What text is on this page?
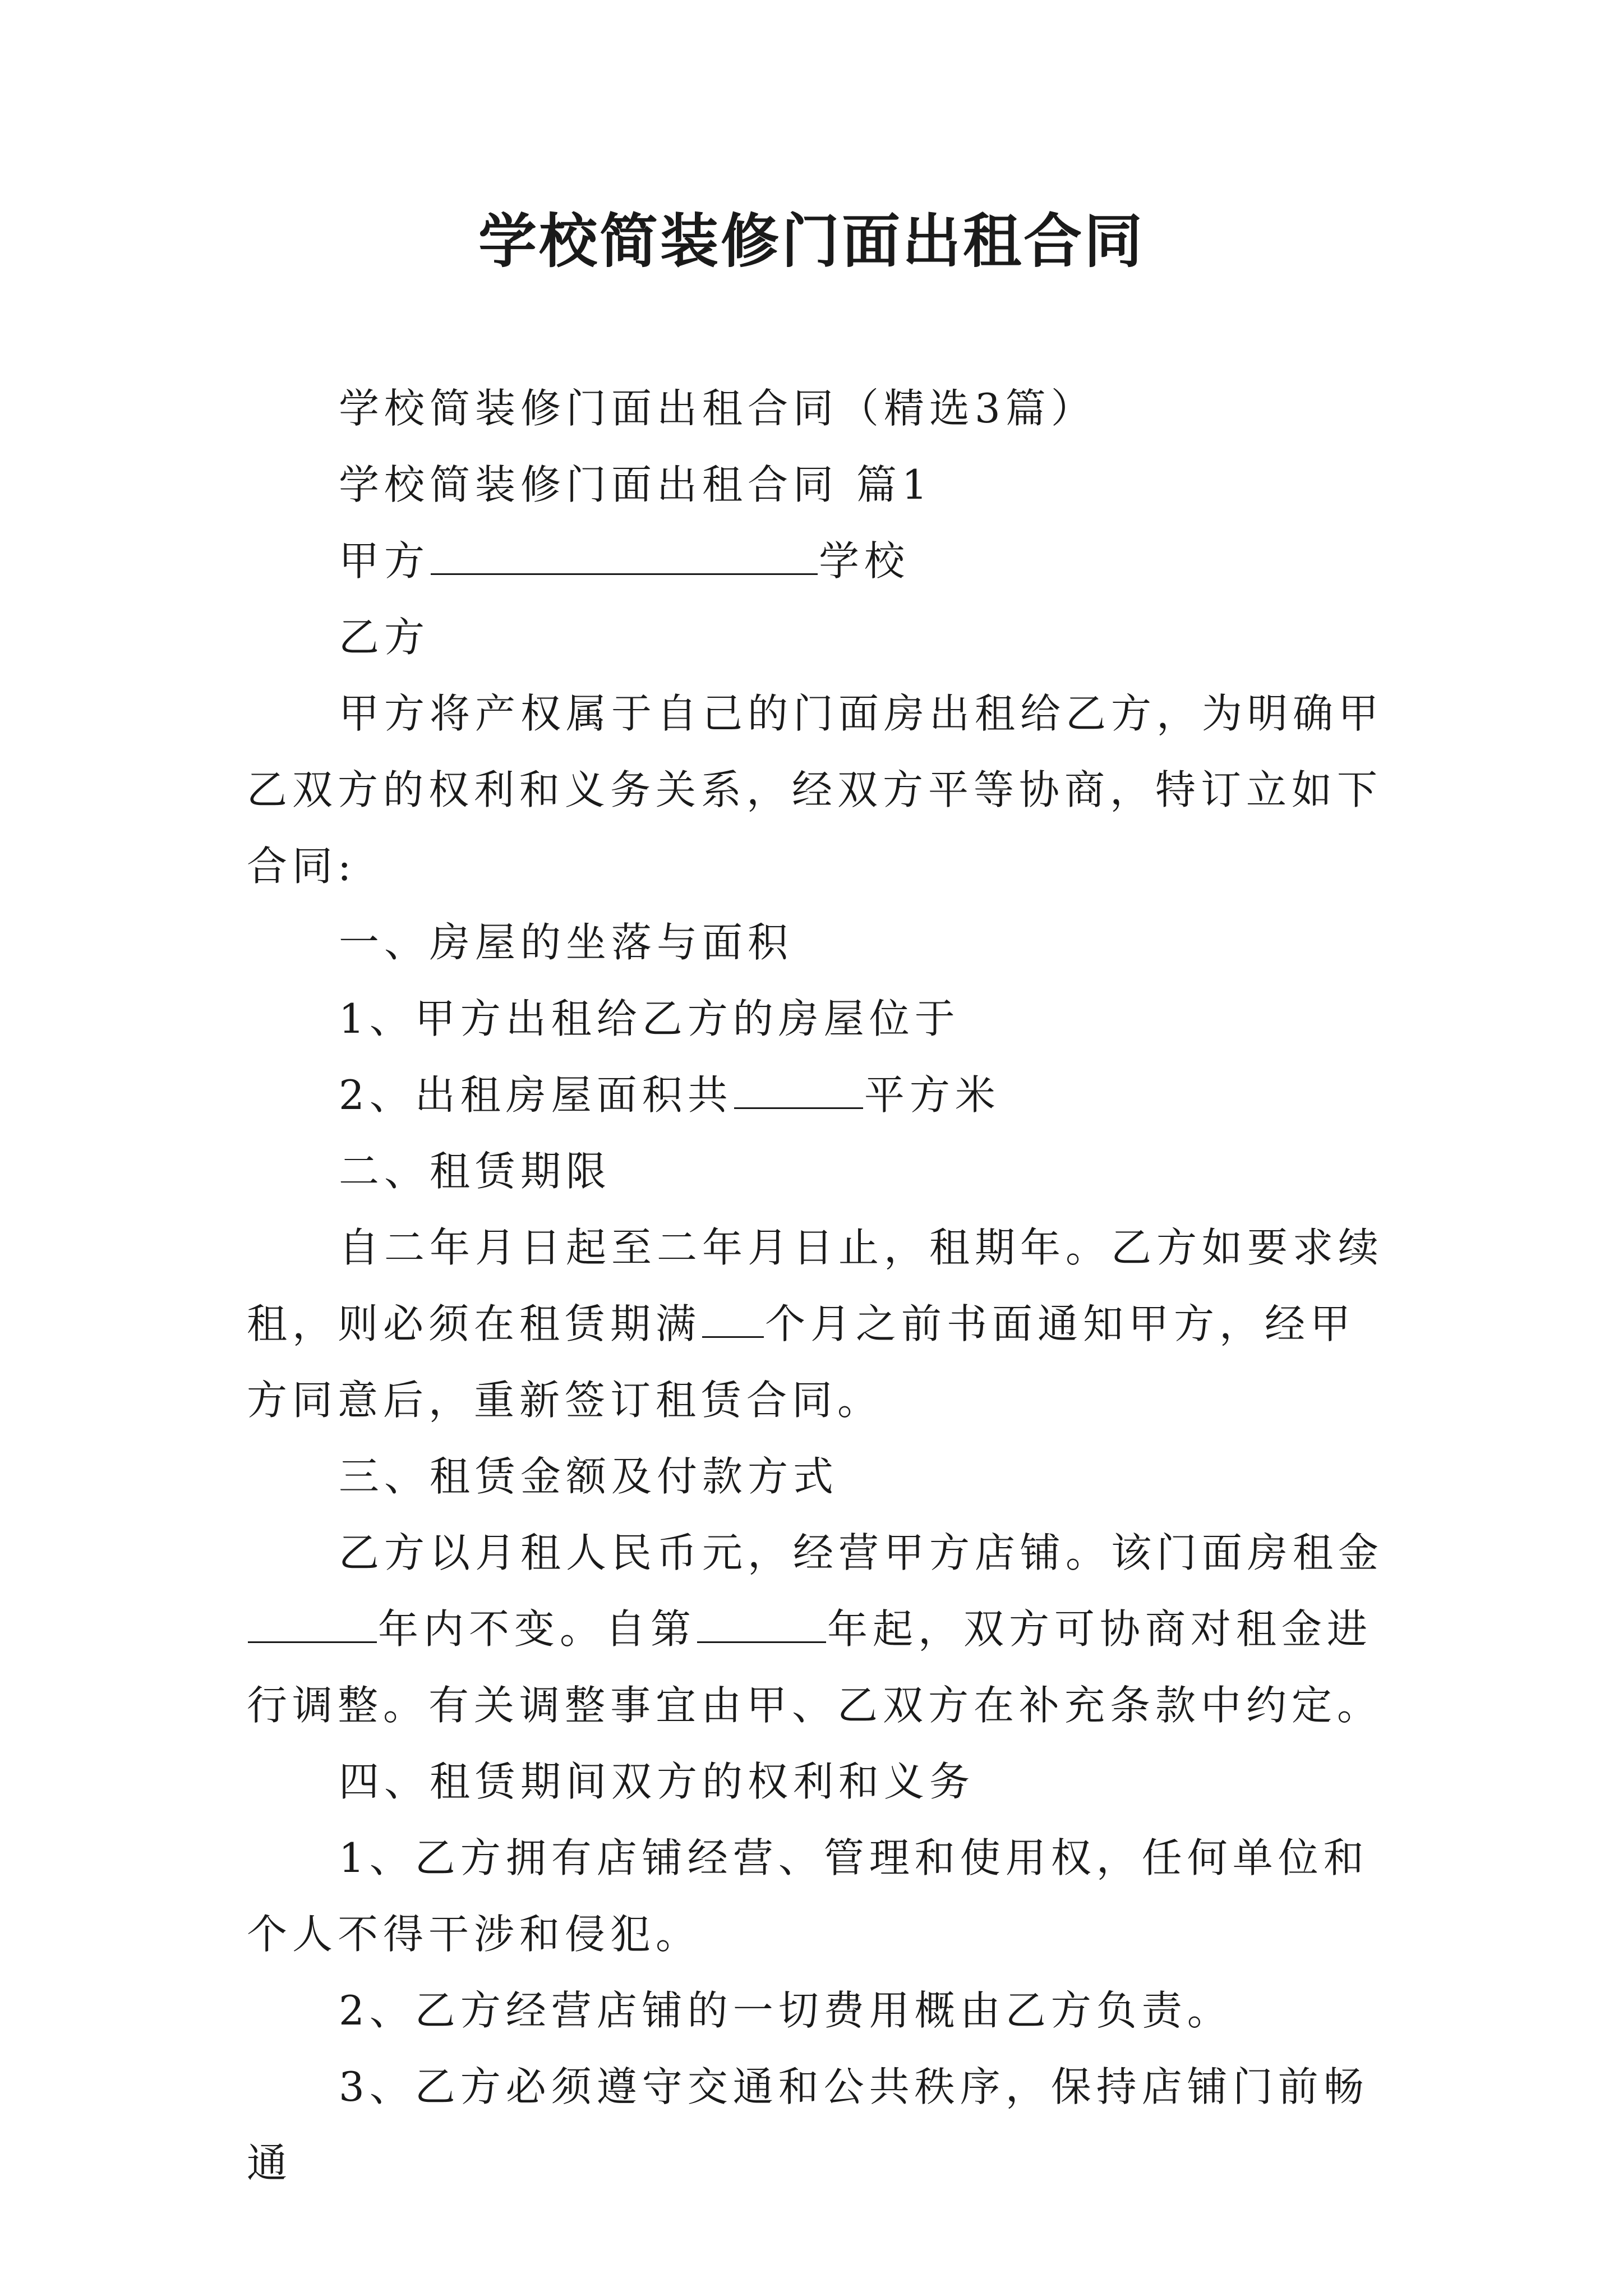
学校简装修门面出租合同

学校简装修门面出租合同（精选3篇）

学校简装修门面出租合同 篇1

甲方	学校

乙方

甲方将产权属于自己的门面房出租给乙方，为明确甲乙双方的权利和义务关系，经双方平等协商，特订立如下合同:

一、房屋的坐落与面积

1、甲方出租给乙方的房屋位于

2、出租房屋面积共	平方米

二、租赁期限

自二年月日起至二年月日止，租期年。乙方如要求续租，则必须在租赁期满 个月之前书面通知甲方，经甲方同意后，重新签订租赁合同。

三、租赁金额及付款方式

乙方以月租人民币元，经营甲方店铺。该门面房租金年内不变。自第	年起，双方可协商对租金进行调整。有关调整事宜由甲、乙双方在补充条款中约定。

四、租赁期间双方的权利和义务

1、乙方拥有店铺经营、管理和使用权，任何单位和个人不得干涉和侵犯。

2、乙方经营店铺的一切费用概由乙方负责。

3、乙方必须遵守交通和公共秩序，保持店铺门前畅通
